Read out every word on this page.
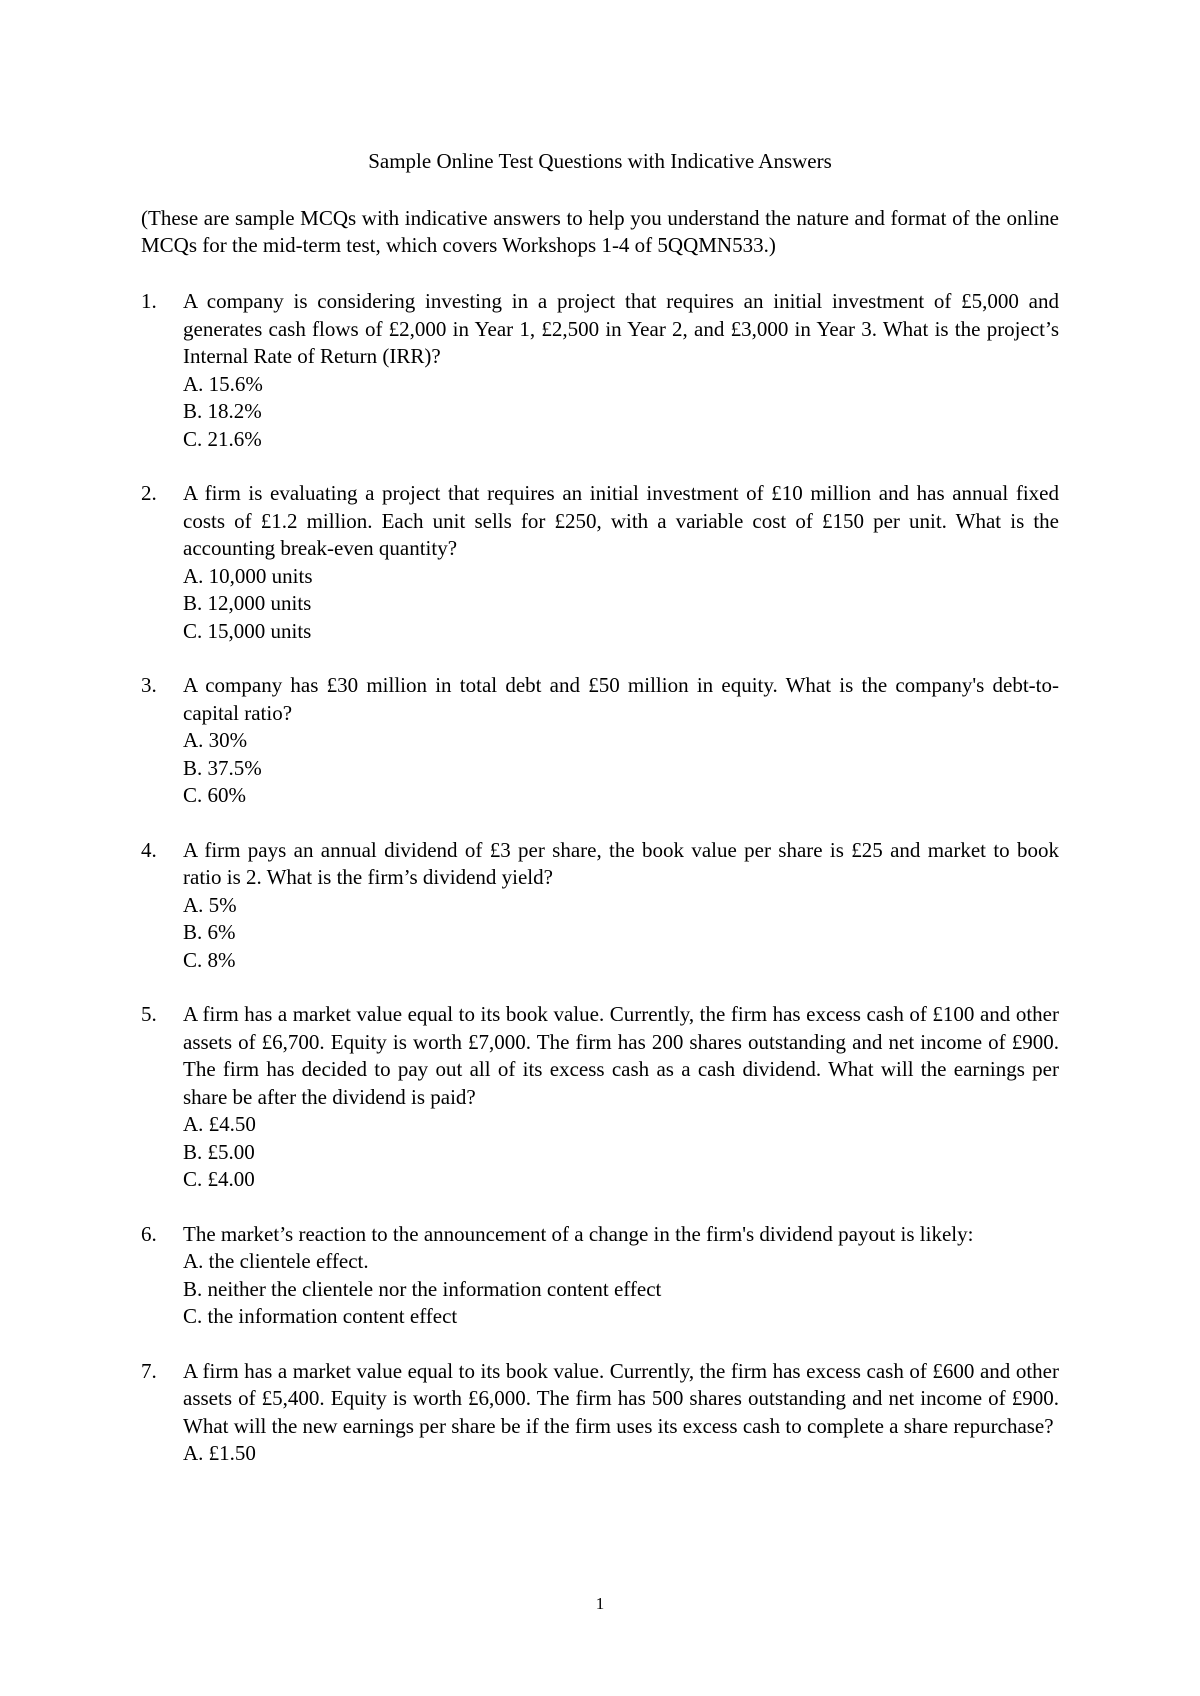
Sample Online Test Questions with Indicative Answers
(These are sample MCQs with indicative answers to help you understand the nature and format of the online MCQs for the mid-term test, which covers Workshops 1-4 of 5QQMN533.)
1. A company is considering investing in a project that requires an initial investment of £5,000 and generates cash flows of £2,000 in Year 1, £2,500 in Year 2, and £3,000 in Year 3. What is the project’s Internal Rate of Return (IRR)?
A. 15.6%
B. 18.2%
C. 21.6%
2. A firm is evaluating a project that requires an initial investment of £10 million and has annual fixed costs of £1.2 million. Each unit sells for £250, with a variable cost of £150 per unit. What is the accounting break-even quantity?
A. 10,000 units
B. 12,000 units
C. 15,000 units
3. A company has £30 million in total debt and £50 million in equity. What is the company's debt-to-capital ratio?
A. 30%
B. 37.5%
C. 60%
4. A firm pays an annual dividend of £3 per share, the book value per share is £25 and market to book ratio is 2. What is the firm’s dividend yield?
A. 5%
B. 6%
C. 8%
5. A firm has a market value equal to its book value. Currently, the firm has excess cash of £100 and other assets of £6,700. Equity is worth £7,000. The firm has 200 shares outstanding and net income of £900. The firm has decided to pay out all of its excess cash as a cash dividend. What will the earnings per share be after the dividend is paid?
A. £4.50
B. £5.00
C. £4.00
6. The market’s reaction to the announcement of a change in the firm's dividend payout is likely:
A. the clientele effect.
B. neither the clientele nor the information content effect
C. the information content effect
7. A firm has a market value equal to its book value. Currently, the firm has excess cash of £600 and other assets of £5,400. Equity is worth £6,000. The firm has 500 shares outstanding and net income of £900. What will the new earnings per share be if the firm uses its excess cash to complete a share repurchase?
A. £1.50
1
